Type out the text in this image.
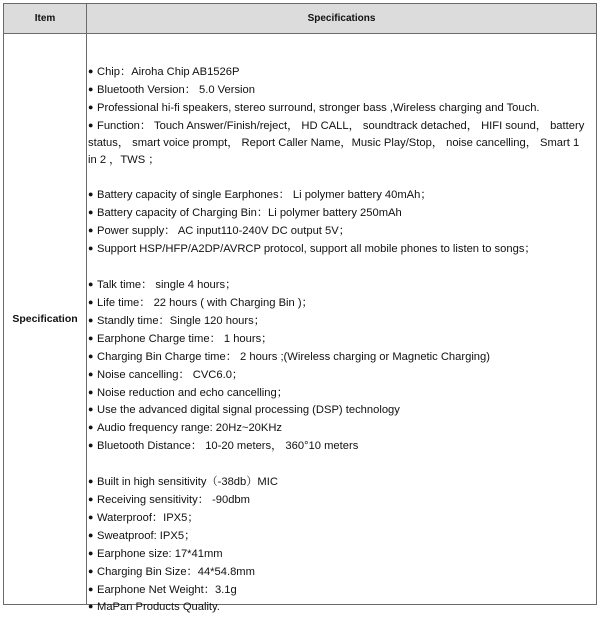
Item	Specifications
Specification
● Chip：Airoha Chip AB1526P
● Bluetooth Version： 5.0 Version
● Professional hi-fi speakers, stereo surround, stronger bass ,Wireless charging and Touch.
● Function： Touch Answer/Finish/reject， HD CALL， soundtrack detached， HIFI sound， battery status， smart voice prompt， Report Caller Name，Music Play/Stop， noise cancelling， Smart 1 in 2 ，TWS ；
● Battery capacity of single Earphones： Li polymer battery 40mAh；
● Battery capacity of Charging Bin：Li polymer battery 250mAh
● Power supply： AC input110-240V DC output 5V；
● Support HSP/HFP/A2DP/AVRCP protocol, support all mobile phones to listen to songs；
● Talk time： single 4 hours；
● Life time： 22 hours ( with Charging Bin )；
● Standly time：Single 120 hours；
● Earphone Charge time： 1 hours；
● Charging Bin Charge time： 2 hours ;(Wireless charging or Magnetic Charging)
● Noise cancelling： CVC6.0；
● Noise reduction and echo cancelling；
● Use the advanced digital signal processing (DSP) technology
● Audio frequency range: 20Hz~20KHz
● Bluetooth Distance： 10-20 meters， 360°10 meters
● Built in high sensitivity（-38db）MIC
● Receiving sensitivity： -90dbm
● Waterproof：IPX5；
● Sweatproof: IPX5；
● Earphone size: 17*41mm
● Charging Bin Size：44*54.8mm
● Earphone Net Weight：3.1g
● MaPan Products Quality.
